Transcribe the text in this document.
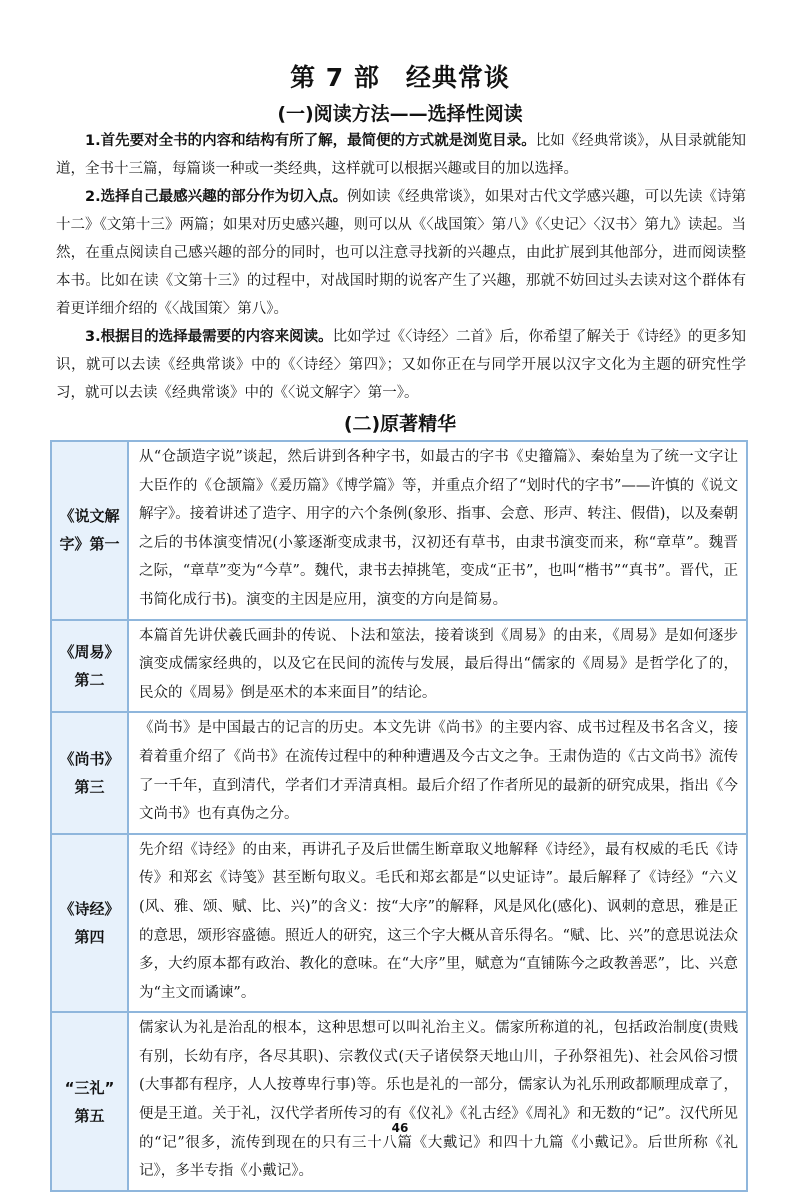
第 7 部　经典常谈
(一)阅读方法——选择性阅读

1.首先要对全书的内容和结构有所了解，最简便的方式就是浏览目录。比如《经典常谈》，从目录就能知道，全书十三篇，每篇谈一种或一类经典，这样就可以根据兴趣或目的加以选择。

2.选择自己最感兴趣的部分作为切入点。例如读《经典常谈》，如果对古代文学感兴趣，可以先读《诗第十二》《文第十三》两篇；如果对历史感兴趣，则可以从《〈战国策〉第八》《〈史记〉〈汉书〉第九》读起。当然，在重点阅读自己感兴趣的部分的同时，也可以注意寻找新的兴趣点，由此扩展到其他部分，进而阅读整本书。比如在读《文第十三》的过程中，对战国时期的说客产生了兴趣，那就不妨回过头去读对这个群体有着更详细介绍的《〈战国策〉第八》。

3.根据目的选择最需要的内容来阅读。比如学过《〈诗经〉二首》后，你希望了解关于《诗经》的更多知识，就可以去读《经典常谈》中的《〈诗经〉第四》；又如你正在与同学开展以汉字文化为主题的研究性学习，就可以去读《经典常谈》中的《〈说文解字〉第一》。

(二)原著精华
《说文解
字》第一	从“仓颉造字说”谈起，然后讲到各种字书，如最古的字书《史籀篇》、秦始皇为了统一文字让大臣作的《仓颉篇》《爰历篇》《博学篇》等，并重点介绍了“划时代的字书”——许慎的《说文解字》。接着讲述了造字、用字的六个条例(象形、指事、会意、形声、转注、假借)，以及秦朝之后的书体演变情况(小篆逐渐变成隶书，汉初还有草书，由隶书演变而来，称“章草”。魏晋之际，“章草”变为“今草”。魏代，隶书去掉挑笔，变成“正书”，也叫“楷书”“真书”。晋代，正书简化成行书)。演变的主因是应用，演变的方向是简易。

《周易》
第二	本篇首先讲伏羲氏画卦的传说、卜法和筮法，接着谈到《周易》的由来，《周易》是如何逐步演变成儒家经典的，以及它在民间的流传与发展，最后得出“儒家的《周易》是哲学化了的，民众的《周易》倒是巫术的本来面目”的结论。

《尚书》
第三	《尚书》是中国最古的记言的历史。本文先讲《尚书》的主要内容、成书过程及书名含义，接着着重介绍了《尚书》在流传过程中的种种遭遇及今古文之争。王肃伪造的《古文尚书》流传了一千年，直到清代，学者们才弄清真相。最后介绍了作者所见的最新的研究成果，指出《今文尚书》也有真伪之分。

《诗经》
第四	先介绍《诗经》的由来，再讲孔子及后世儒生断章取义地解释《诗经》，最有权威的毛氏《诗传》和郑玄《诗笺》甚至断句取义。毛氏和郑玄都是“以史证诗”。最后解释了《诗经》“六义(风、雅、颂、赋、比、兴)”的含义：按“大序”的解释，风是风化(感化)、讽刺的意思，雅是正的意思，颂形容盛德。照近人的研究，这三个字大概从音乐得名。“赋、比、兴”的意思说法众多，大约原本都有政治、教化的意味。在“大序”里，赋意为“直铺陈今之政教善恶”，比、兴意为“主文而谲谏”。

“三礼”
第五	儒家认为礼是治乱的根本，这种思想可以叫礼治主义。儒家所称道的礼，包括政治制度(贵贱有别，长幼有序，各尽其职)、宗教仪式(天子诸侯祭天地山川，子孙祭祖先)、社会风俗习惯(大事都有程序，人人按尊卑行事)等。乐也是礼的一部分，儒家认为礼乐刑政都顺理成章了，便是王道。关于礼，汉代学者所传习的有《仪礼》《礼古经》《周礼》和无数的“记”。汉代所见的“记”很多，流传到现在的只有三十八篇《大戴记》和四十九篇《小戴记》。后世所称《礼记》，多半专指《小戴记》。
46
